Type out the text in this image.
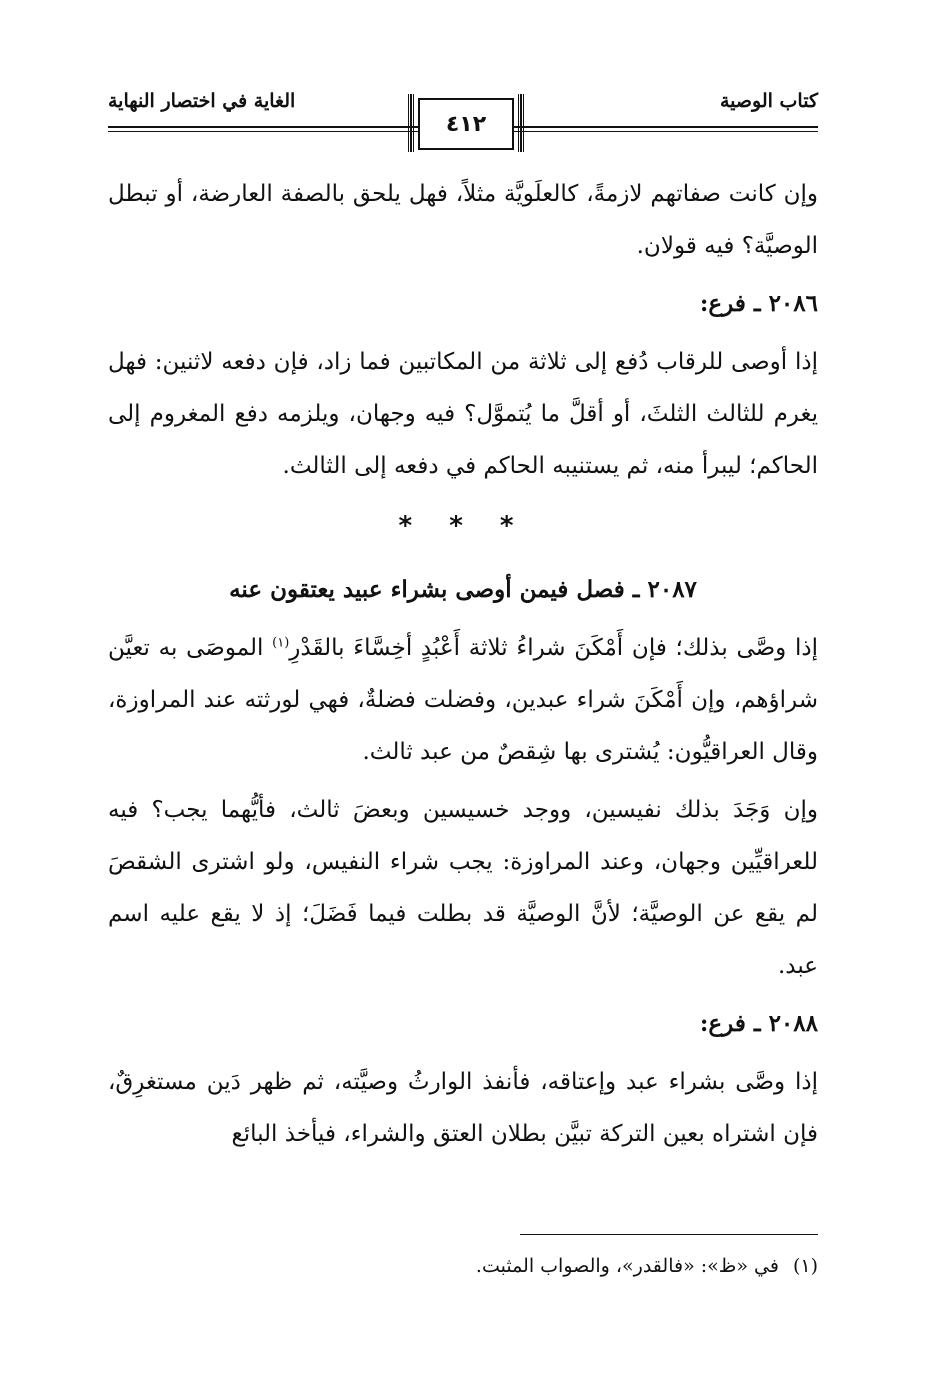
كتاب الوصية
الغاية في اختصار النهاية
٤١٢

وإن كانت صفاتهم لازمةً، كالعلَويَّة مثلاً، فهل يلحق بالصفة العارضة، أو تبطل الوصيَّة؟ فيه قولان.

٢٠٨٦ ـ فرع:

إذا أوصى للرقاب دُفع إلى ثلاثة من المكاتبين فما زاد، فإن دفعه لاثنين: فهل يغرم للثالث الثلثَ، أو أقلَّ ما يُتموَّل؟ فيه وجهان، ويلزمه دفع المغروم إلى الحاكم؛ ليبرأ منه، ثم يستنيبه الحاكم في دفعه إلى الثالث.

* * *

٢٠٨٧ ـ فصل فيمن أوصى بشراء عبيد يعتقون عنه

إذا وصَّى بذلك؛ فإن أَمْكَنَ شراءُ ثلاثة أَعْبُدٍ أخِسَّاءَ بالقَدْرِ$^{(١)}$ الموصَى به تعيَّن شراؤهم، وإن أَمْكَنَ شراء عبدين، وفضلت فضلةٌ، فهي لورثته عند المراوزة، وقال العراقيُّون: يُشترى بها شِقصٌ من عبد ثالث.

وإن وَجَدَ بذلك نفيسين، ووجد خسيسين وبعضَ ثالث، فأيُّهما يجب؟ فيه للعراقيِّين وجهان، وعند المراوزة: يجب شراء النفيس، ولو اشترى الشقصَ لم يقع عن الوصيَّة؛ لأنَّ الوصيَّة قد بطلت فيما فَضَلَ؛ إذ لا يقع عليه اسم عبد.

٢٠٨٨ ـ فرع:

إذا وصَّى بشراء عبد وإعتاقه، فأنفذ الوارثُ وصيَّته، ثم ظهر دَين مستغرِقٌ، فإن اشتراه بعين التركة تبيَّن بطلان العتق والشراء، فيأخذ البائع

(١)في «ظ»: «فالقدر»، والصواب المثبت.
